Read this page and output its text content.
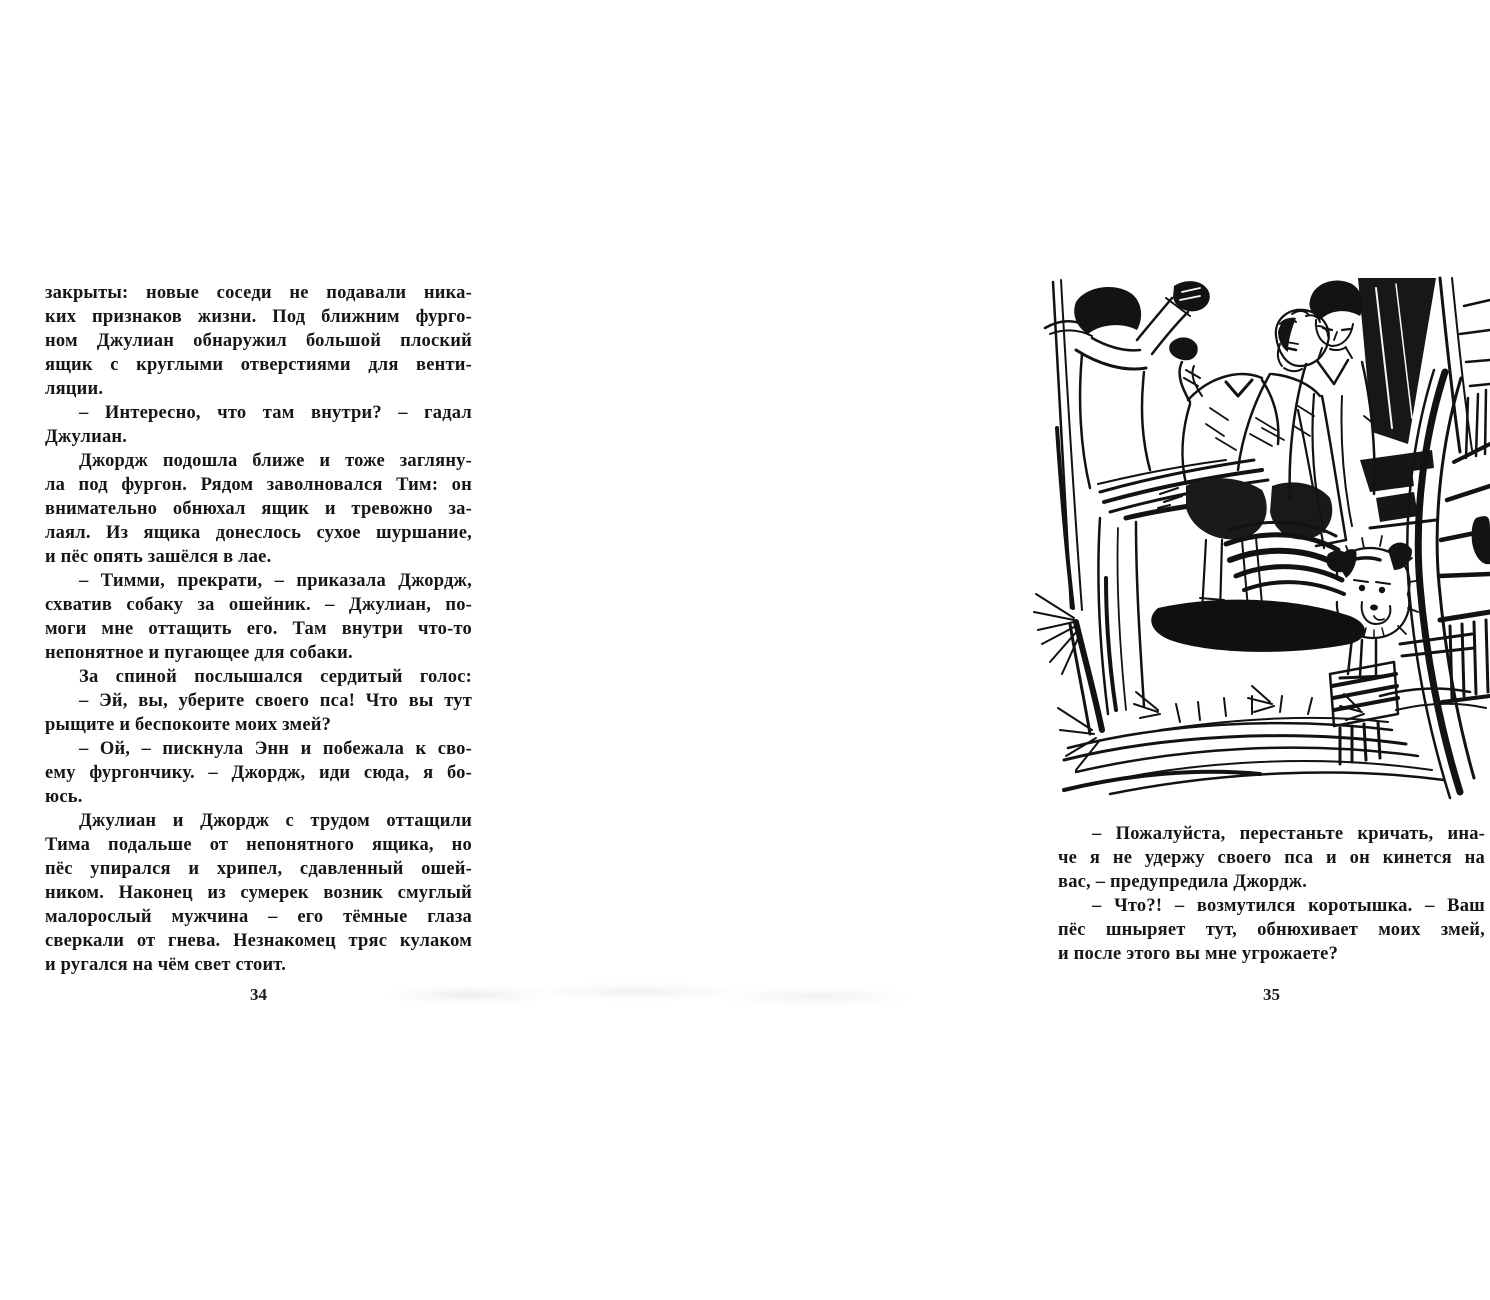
закрыты: новые соседи не подавали ника-
ких признаков жизни. Под ближним фурго-
ном Джулиан обнаружил большой плоский
ящик с круглыми отверстиями для венти-
ляции.
– Интересно, что там внутри? – гадал
Джулиан.
Джордж подошла ближе и тоже загляну-
ла под фургон. Рядом заволновался Тим: он
внимательно обнюхал ящик и тревожно за-
лаял. Из ящика донеслось сухое шуршание,
и пёс опять зашёлся в лае.
– Тимми, прекрати, – приказала Джордж,
схватив собаку за ошейник. – Джулиан, по-
моги мне оттащить его. Там внутри что-то
непонятное и пугающее для собаки.
За спиной послышался сердитый голос:
– Эй, вы, уберите своего пса! Что вы тут
рыщите и беспокоите моих змей?
– Ой, – пискнула Энн и побежала к сво-
ему фургончику. – Джордж, иди сюда, я бо-
юсь.
Джулиан и Джордж с трудом оттащили
Тима подальше от непонятного ящика, но
пёс упирался и хрипел, сдавленный ошей-
ником. Наконец из сумерек возник смуглый
малорослый мужчина – его тёмные глаза
сверкали от гнева. Незнакомец тряс кулаком
и ругался на чём свет стоит.
34
– Пожалуйста, перестаньте кричать, ина-
че я не удержу своего пса и он кинется на
вас, – предупредила Джордж.
– Что?! – возмутился коротышка. – Ваш
пёс шныряет тут, обнюхивает моих змей,
и после этого вы мне угрожаете?
35
